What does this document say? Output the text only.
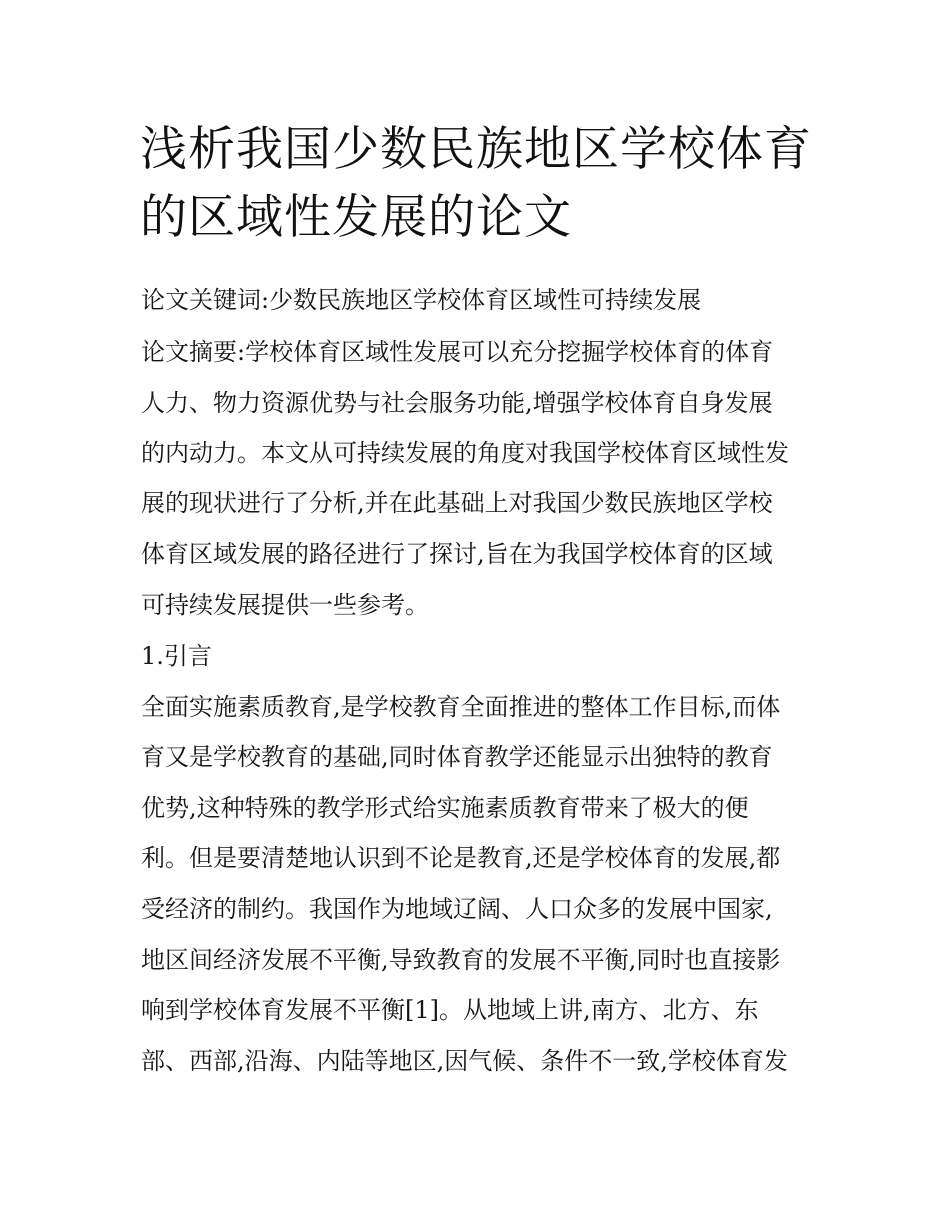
浅析我国少数民族地区学校体育的区域性发展的论文

论文关键词:少数民族地区学校体育区域性可持续发展

论文摘要:学校体育区域性发展可以充分挖掘学校体育的体育

人力、物力资源优势与社会服务功能,增强学校体育自身发展

的内动力。本文从可持续发展的角度对我国学校体育区域性发

展的现状进行了分析,并在此基础上对我国少数民族地区学校

体育区域发展的路径进行了探讨,旨在为我国学校体育的区域

可持续发展提供一些参考。

1.引言

全面实施素质教育,是学校教育全面推进的整体工作目标,而体

育又是学校教育的基础,同时体育教学还能显示出独特的教育

优势,这种特殊的教学形式给实施素质教育带来了极大的便

利。但是要清楚地认识到不论是教育,还是学校体育的发展,都

受经济的制约。我国作为地域辽阔、人口众多的发展中国家,

地区间经济发展不平衡,导致教育的发展不平衡,同时也直接影

响到学校体育发展不平衡[1]。从地域上讲,南方、北方、东

部、西部,沿海、内陆等地区,因气候、条件不一致,学校体育发
